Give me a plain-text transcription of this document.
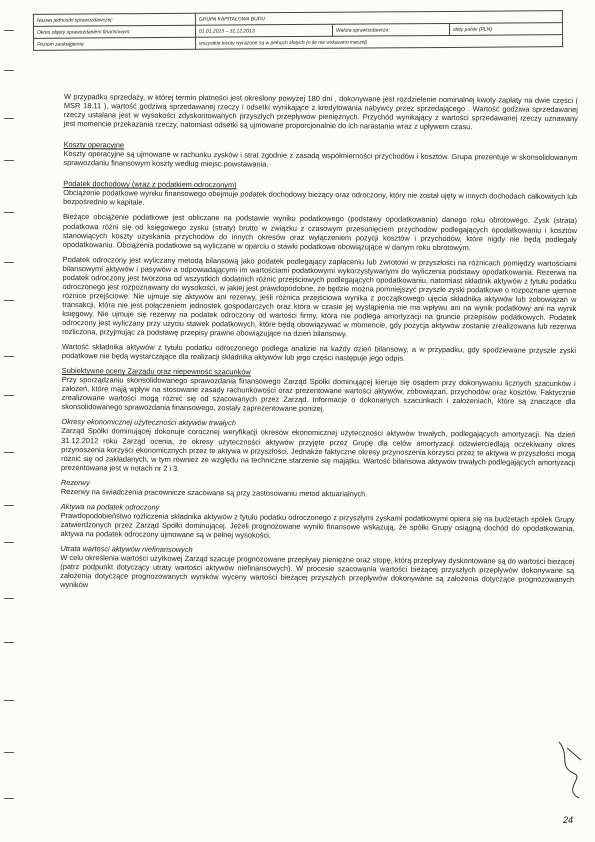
Nazwa jednostki sprawozdawczej:	GRUPA KAPITAŁOWA BUDU		
Okres objęty sprawozdaniem finansowym:	01.01.2013 – 31.12.2013	Waluta sprawozdawcza:	złoty polski (PLN)
Poziom zaokrąglenia:	wszystkie kwoty wyrażone są w pełnych złotych (o ile nie wskazano inaczej)		

W przypadku sprzedaży, w której termin płatności jest określony powyżej 180 dni , dokonywane jest rozdzielenie nominalnej kwoty zapłaty na dwie części ( MSR 18.11 ), wartość godziwą sprzedawanej rzeczy i odsetki wynikające z kredytowania nabywcy przez sprzedającego . Wartość godziwa sprzedawanej rzeczy ustalana jest w wysokości zdyskontowanych przyszłych przepływów pieniężnych. Przychód wynikający z wartości sprzedawanej rzeczy uznawany jest momencie przekazania rzeczy, natomiast odsetki są ujmowane proporcjonalnie do ich narastania wraz z upływem czasu.

Koszty operacyjne

Koszty operacyjne są ujmowane w rachunku zysków i strat zgodnie z zasadą współmierności przychodów i kosztów. Grupa prezentuje w skonsolidowanym sprawozdaniu finansowym koszty według miejsc powstawania.

Podatek dochodowy (wraz z podatkiem odroczonym)

Obciążenie podatkowe wyniku finansowego obejmuje podatek dochodowy bieżący oraz odroczony, który nie został ujęty w innych dochodach całkowitych lub bezpośrednio w kapitale.

Bieżące obciążenie podatkowe jest obliczane na podstawie wyniku podatkowego (podstawy opodatkowania) danego roku obrotowego. Zysk (strata) podatkowa różni się od księgowego zysku (straty) brutto w związku z czasowym przesunięciem przychodów podlegających opodatkowaniu i kosztów stanowiących koszty uzyskania przychodów do innych okresów oraz wyłączeniem pozycji kosztów i przychodów, które nigdy nie będą podlegały opodatkowaniu. Obciążenia podatkowe są wyliczane w oparciu o stawki podatkowe obowiązujące w danym roku obrotowym.

Podatek odroczony jest wyliczany metodą bilansową jako podatek podlegający zapłaceniu lub zwrotowi w przyszłości na różnicach pomiędzy wartościami bilansowymi aktywów i pasywów a odpowiadającymi im wartościami podatkowymi wykorzystywanymi do wyliczenia podstawy opodatkowania. Rezerwa na podatek odroczony jest tworzona od wszystkich dodatnich różnic przejściowych podlegających opodatkowaniu, natomiast składnik aktywów z tytułu podatku odroczonego jest rozpoznawany do wysokości, w jakiej jest prawdopodobne, że będzie można pomniejszyć przyszłe zyski podatkowe o rozpoznane ujemne różnice przejściowe. Nie ujmuje się aktywów ani rezerwy, jeśli różnica przejściowa wynika z początkowego ujęcia składnika aktywów lub zobowiązań w transakcji, która nie jest połączeniem jednostek gospodarczych oraz która w czasie jej wystąpienia nie ma wpływu ani na wynik podatkowy ani na wynik księgowy. Nie ujmuje się rezerwy na podatek odroczony od wartości firmy, która nie podlega amortyzacji na gruncie przepisów podatkowych. Podatek odroczony jest wyliczany przy użyciu stawek podatkowych, które będą obowiązywać w momencie, gdy pozycja aktywów zostanie zrealizowana lub rezerwa rozliczona, przyjmując za podstawę przepisy prawne obowiązujące na dzień bilansowy.

Wartość składnika aktywów z tytułu podatku odroczonego podlega analizie na każdy dzień bilansowy, a w przypadku, gdy spodziewane przyszłe zyski podatkowe nie będą wystarczające dla realizacji składnika aktywów lub jego części następuje jego odpis.

Subiektywne oceny Zarządu oraz niepewność szacunków

Przy sporządzaniu skonsolidowanego sprawozdania finansowego Zarząd Spółki dominującej kieruje się osądem przy dokonywaniu licznych szacunków i założeń, które mają wpływ na stosowane zasady rachunkowości oraz prezentowane wartości aktywów, zobowiązań, przychodów oraz kosztów. Faktycznie zrealizowane wartości mogą różnić się od szacowanych przez Zarząd. Informacje o dokonanych szacunkach i założeniach, które są znaczące dla skonsolidowanego sprawozdania finansowego, zostały zaprezentowane poniżej.

Okresy ekonomicznej użyteczności aktywów trwałych

Zarząd Spółki dominującej dokonuje corocznej weryfikacji okresów ekonomicznej użyteczności aktywów trwałych, podlegających amortyzacji. Na dzień 31.12.2012 roku Zarząd ocenia, że okresy użyteczności aktywów przyjęte przez Grupę dla celów amortyzacji odzwierciedlają oczekiwany okres przynoszenia korzyści ekonomicznych przez te aktywa w przyszłości. Jednakże faktyczne okresy przynoszenia korzyści przez te aktywa w przyszłości mogą różnić się od zakładanych, w tym również ze względu na techniczne starzenie się majątku. Wartość bilansowa aktywów trwałych podlegających amortyzacji prezentowana jest w notach nr 2 i 3.

Rezerwy

Rezerwy na świadczenia pracownicze szacowane są przy zastosowaniu metod aktuarialnych.

Aktywa na podatek odroczony

Prawdopodobieństwo rozliczenia składnika aktywów z tytułu podatku odroczonego z przyszłymi zyskami podatkowymi opiera się na budżetach spółek Grupy zatwierdzonych przez Zarząd Spółki dominującej. Jeżeli prognozowane wyniki finansowe wskazują, że spółki Grupy osiągną dochód do opodatkowania, aktywa na podatek odroczony ujmowane są w pełnej wysokości.

Utrata wartości aktywów niefinansowych

W celu określenia wartości użytkowej Zarząd szacuje prognozowane przepływy pieniężne oraz stopę, którą przepływy dyskontowane są do wartości bieżącej (patrz podpunkt dotyczący utraty wartości aktywów niefinansowych). W procesie szacowania wartości bieżącej przyszłych przepływów dokonywane są założenia dotyczące prognozowanych wyników wyceny wartości bieżącej przyszłych przepływów dokonywane są założenia dotyczące prognozowanych wyników

24
